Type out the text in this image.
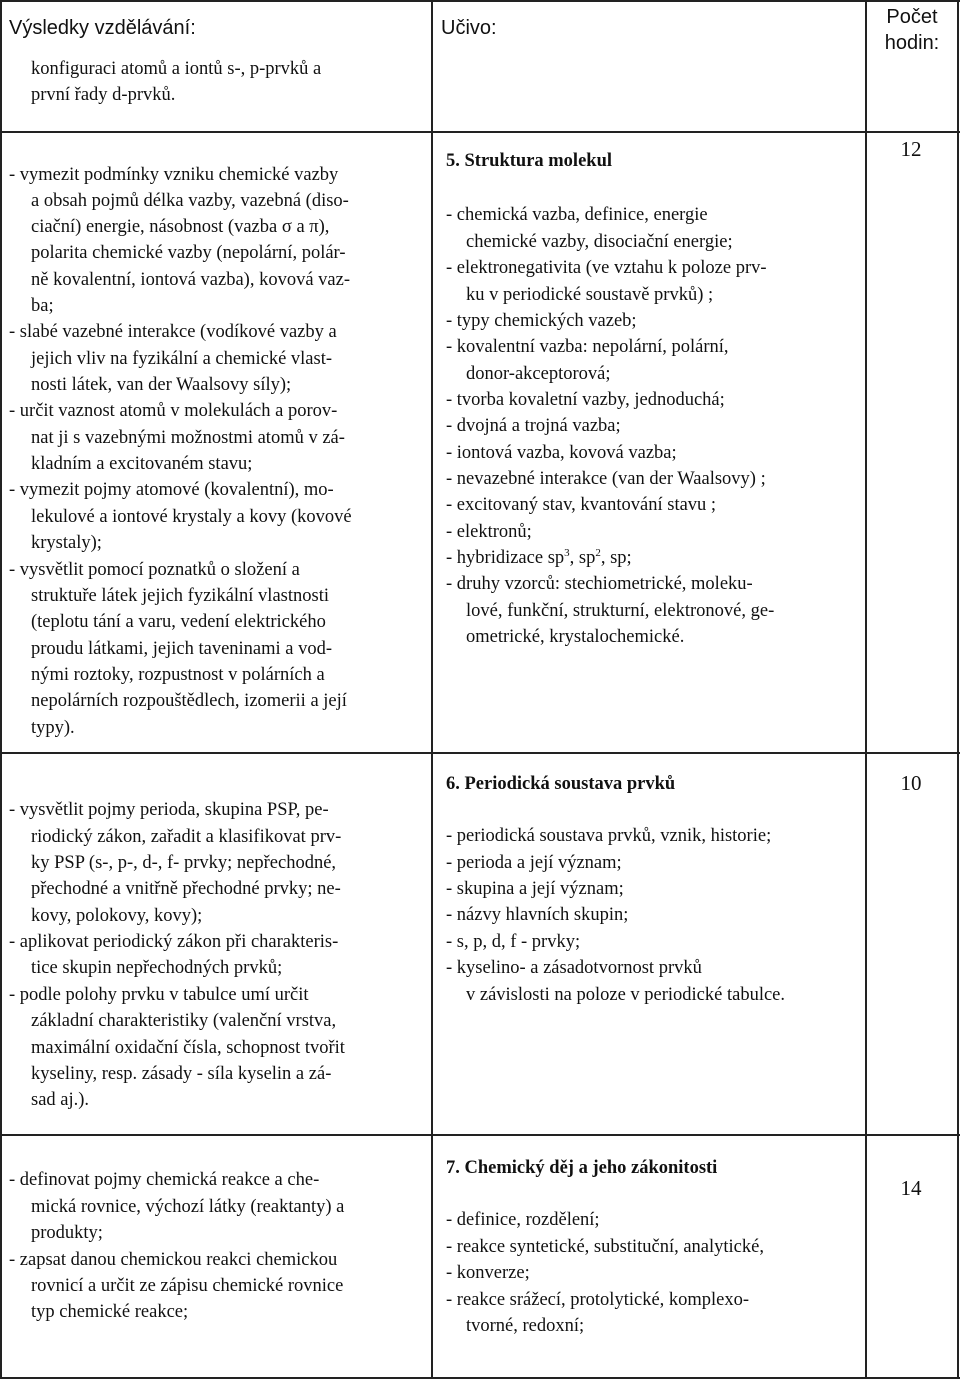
Výsledky vzdělávání:	Učivo:	Počet
hodin:
konfiguraci atomů a iontů s-, p-prvků a
první řady d-prvků.
- vymezit podmínky vzniku chemické vazby
a obsah pojmů délka vazby, vazebná (diso-
ciační) energie, násobnost (vazba σ a π),
polarita chemické vazby (nepolární, polár-
ně kovalentní, iontová vazba), kovová vaz-
ba;
- slabé vazebné interakce (vodíkové vazby a
jejich vliv na fyzikální a chemické vlast-
nosti látek, van der Waalsovy síly);
- určit vaznost atomů v molekulách a porov-
nat ji s vazebnými možnostmi atomů v zá-
kladním a excitovaném stavu;
- vymezit pojmy atomové (kovalentní), mo-
lekulové a iontové krystaly a kovy (kovové
krystaly);
- vysvětlit pomocí poznatků o složení a
struktuře látek jejich fyzikální vlastnosti
(teplotu tání a varu, vedení elektrického
proudu látkami, jejich taveninami a vod-
nými roztoky, rozpustnost v polárních a
nepolárních rozpouštědlech, izomerii a její
typy).
5. Struktura molekul
- chemická vazba, definice, energie
chemické vazby, disociační energie;
- elektronegativita (ve vztahu k poloze prv-
ku v periodické soustavě prvků) ;
- typy chemických vazeb;
- kovalentní vazba: nepolární, polární,
donor-akceptorová;
- tvorba kovaletní vazby, jednoduchá;
- dvojná a trojná vazba;
- iontová vazba, kovová vazba;
- nevazebné interakce (van der Waalsovy) ;
- excitovaný stav, kvantování stavu ;
- elektronů;
- hybridizace $sp^3$, $sp^2$, sp;
- druhy vzorců: stechiometrické, moleku-
lové, funkční, strukturní, elektronové, ge-
ometrické, krystalochemické.
12
- vysvětlit pojmy perioda, skupina PSP, pe-
riodický zákon, zařadit a klasifikovat prv-
ky PSP (s-, p-, d-, f- prvky; nepřechodné,
přechodné a vnitřně přechodné prvky; ne-
kovy, polokovy, kovy);
- aplikovat periodický zákon při charakteris-
tice skupin nepřechodných prvků;
- podle polohy prvku v tabulce umí určit
základní charakteristiky (valenční vrstva,
maximální oxidační čísla, schopnost tvořit
kyseliny, resp. zásady - síla kyselin a zá-
sad aj.).
6. Periodická soustava prvků
- periodická soustava prvků, vznik, historie;
- perioda a její význam;
- skupina a její význam;
- názvy hlavních skupin;
- s, p, d, f - prvky;
- kyselino- a zásadotvornost prvků
v závislosti na poloze v periodické tabulce.
10
- definovat pojmy chemická reakce a che-
mická rovnice, výchozí látky (reaktanty) a
produkty;
- zapsat danou chemickou reakci chemickou
rovnicí a určit ze zápisu chemické rovnice
typ chemické reakce;
7. Chemický děj a jeho zákonitosti
- definice, rozdělení;
- reakce syntetické, substituční, analytické,
- konverze;
- reakce srážecí, protolytické, komplexo-
tvorné, redoxní;
14
